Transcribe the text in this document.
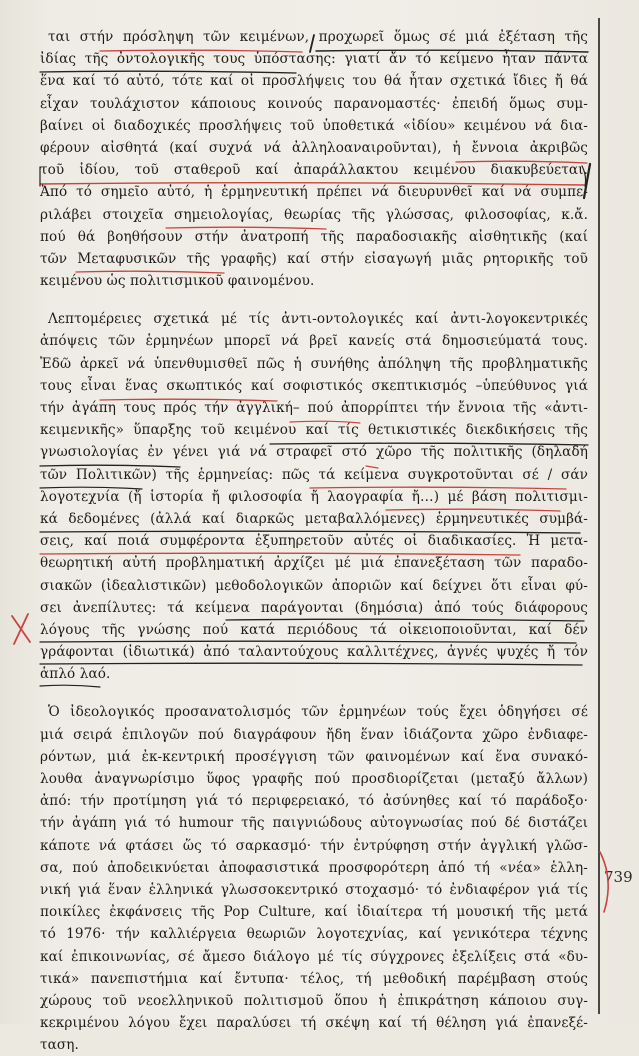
ται στήν πρόσληψη τῶν κειμένων, προχωρεῖ ὅμως σέ μιά ἐξέταση τῆς
ἰδίας τῆς ὀντολογικῆς τους ὑπόστασης: γιατί ἄν τό κείμενο ἦταν πάντα
ἕνα καί τό αὐτό, τότε καί οἱ προσλήψεις του θά ἦταν σχετικά ἴδιες ἤ θά
εἶχαν τουλάχιστον κάποιους κοινούς παρανομαστές· ἐπειδή ὅμως συμ-
βαίνει οἱ διαδοχικές προσλήψεις τοῦ ὑποθετικά «ἰδίου» κειμένου νά δια-
φέρουν αἰσθητά (καί συχνά νά ἀλληλοαναιροῦνται), ἡ ἔννοια ἀκριβῶς
τοῦ ἰδίου, τοῦ σταθεροῦ καί ἀπαράλλακτου κειμένου διακυβεύεται.
Ἀπό τό σημεῖο αὐτό, ἡ ἑρμηνευτική πρέπει νά διευρυνθεῖ καί νά συμπε-
ριλάβει στοιχεῖα σημειολογίας, θεωρίας τῆς γλώσσας, φιλοσοφίας, κ.ἄ.
πού θά βοηθήσουν στήν ἀνατροπή τῆς παραδοσιακῆς αἰσθητικῆς (καί
τῶν Μεταφυσικῶν τῆς γραφῆς) καί στήν εἰσαγωγή μιᾶς ρητορικῆς τοῦ
κειμένου ὡς πολιτισμικοῦ φαινομένου.
Λεπτομέρειες σχετικά μέ τίς ἀντι-οντολογικές καί ἀντι-λογοκεντρικές
ἀπόψεις τῶν ἑρμηνέων μπορεῖ νά βρεῖ κανείς στά δημοσιεύματά τους.
Ἐδῶ ἀρκεῖ νά ὑπενθυμισθεῖ πῶς ἡ συνήθης ἀπόληψη τῆς προβληματικῆς
τους εἶναι ἕνας σκωπτικός καί σοφιστικός σκεπτικισμός –ὑπεύθυνος γιά
τήν ἀγάπη τους πρός τήν ἀγγλική– πού ἀπορρίπτει τήν ἔννοια τῆς «ἀντι-
κειμενικῆς» ὕπαρξης τοῦ κειμένου καί τίς θετικιστικές διεκδικήσεις τῆς
γνωσιολογίας ἐν γένει γιά νά στραφεῖ στό χῶρο τῆς πολιτικῆς (δηλαδή
τῶν Πολιτικῶν) τῆς ἑρμηνείας: πῶς τά κείμενα συγκροτοῦνται σέ / σάν
λογοτεχνία (ἤ ἱστορία ἤ φιλοσοφία ἤ λαογραφία ἤ…) μέ βάση πολιτισμι-
κά δεδομένες (ἀλλά καί διαρκῶς μεταβαλλόμενες) ἑρμηνευτικές συμβά-
σεις, καί ποιά συμφέροντα ἐξυπηρετοῦν αὐτές οἱ διαδικασίες. Ἡ μετα-
θεωρητική αὐτή προβληματική ἀρχίζει μέ μιά ἐπανεξέταση τῶν παραδο-
σιακῶν (ἰδεαλιστικῶν) μεθοδολογικῶν ἀποριῶν καί δείχνει ὅτι εἶναι φύ-
σει ἀνεπίλυτες: τά κείμενα παράγονται (δημόσια) ἀπό τούς διάφορους
λόγους τῆς γνώσης πού κατά περιόδους τά οἰκειοποιοῦνται, καί δέν
γράφονται (ἰδιωτικά) ἀπό ταλαντούχους καλλιτέχνες, ἁγνές ψυχές ἤ τόν
ἁπλό λαό.
Ὁ ἰδεολογικός προσανατολισμός τῶν ἑρμηνέων τούς ἔχει ὁδηγήσει σέ
μιά σειρά ἐπιλογῶν πού διαγράφουν ἤδη ἕναν ἰδιάζοντα χῶρο ἐνδιαφε-
ρόντων, μιά ἐκ-κεντρική προσέγγιση τῶν φαινομένων καί ἕνα συνακό-
λουθα ἀναγνωρίσιμο ὕφος γραφῆς πού προσδιορίζεται (μεταξύ ἄλλων)
ἀπό: τήν προτίμηση γιά τό περιφερειακό, τό ἀσύνηθες καί τό παράδοξο·
τήν ἀγάπη γιά τό humour τῆς παιγνιώδους αὐτογνωσίας πού δέ διστάζει
κάποτε νά φτάσει ὥς τό σαρκασμό· τήν ἐντρύφηση στήν ἀγγλική γλῶσ-
σα, πού ἀποδεικνύεται ἀποφασιστικά προσφορότερη ἀπό τή «νέα» ἑλλη-
νική γιά ἕναν ἑλληνικά γλωσσοκεντρικό στοχασμό· τό ἐνδιαφέρον γιά τίς
ποικίλες ἐκφάνσεις τῆς Pop Culture, καί ἰδιαίτερα τή μουσική τῆς μετά
τό 1976· τήν καλλιέργεια θεωριῶν λογοτεχνίας, καί γενικότερα τέχνης
καί ἐπικοινωνίας, σέ ἄμεσο διάλογο μέ τίς σύγχρονες ἐξελίξεις στά «δυ-
τικά» πανεπιστήμια καί ἔντυπα· τέλος, τή μεθοδική παρέμβαση στούς
χώρους τοῦ νεοελληνικοῦ πολιτισμοῦ ὅπου ἡ ἐπικράτηση κάποιου συγ-
κεκριμένου λόγου ἔχει παραλύσει τή σκέψη καί τή θέληση γιά ἐπανεξέ-
ταση.
739
